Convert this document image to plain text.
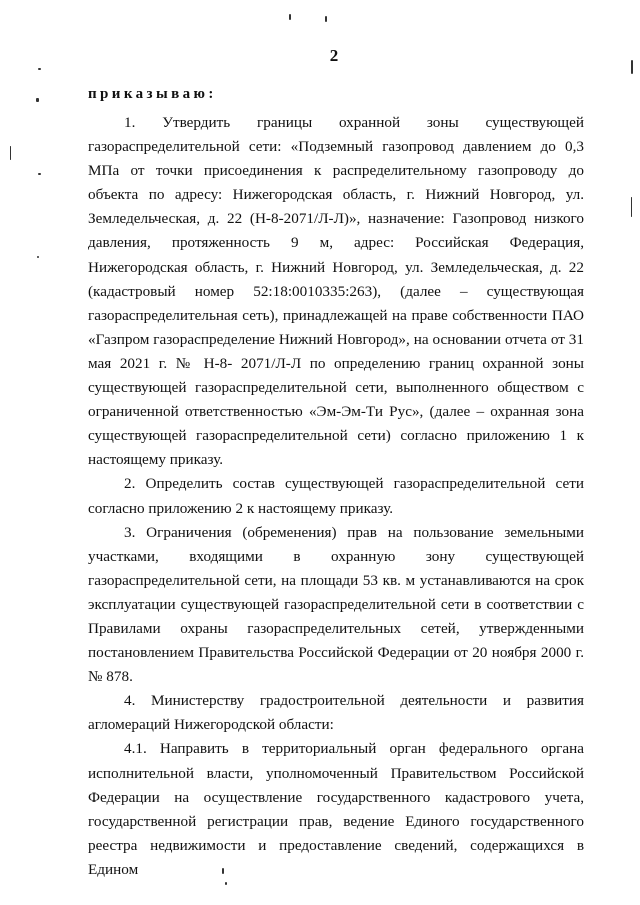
2
приказываю:

1. Утвердить границы охранной зоны существующей газораспределительной сети: «Подземный газопровод давлением до 0,3 МПа от точки присоединения к распределительному газопроводу до объекта по адресу: Нижегородская область, г. Нижний Новгород, ул. Земледельческая, д. 22 (Н-8-2071/Л-Л)», назначение: Газопровод низкого давления, протяженность 9 м, адрес: Российская Федерация, Нижегородская область, г. Нижний Новгород, ул. Земледельческая, д. 22 (кадастровый номер 52:18:0010335:263), (далее – существующая газораспределительная сеть), принадлежащей на праве собственности ПАО «Газпром газораспределение Нижний Новгород», на основании отчета от 31 мая 2021 г. № Н-8- 2071/Л-Л по определению границ охранной зоны существующей газораспределительной сети, выполненного обществом с ограниченной ответственностью «Эм-Эм-Ти Рус», (далее – охранная зона существующей газораспределительной сети) согласно приложению 1 к настоящему приказу.

2. Определить состав существующей газораспределительной сети согласно приложению 2 к настоящему приказу.

3. Ограничения (обременения) прав на пользование земельными участками, входящими в охранную зону существующей газораспределительной сети, на площади 53 кв. м устанавливаются на срок эксплуатации существующей газораспределительной сети в соответствии с Правилами охраны газораспределительных сетей, утвержденными постановлением Правительства Российской Федерации от 20 ноября 2000 г. № 878.

4. Министерству градостроительной деятельности и развития агломераций Нижегородской области:

4.1. Направить в территориальный орган федерального органа исполнительной власти, уполномоченный Правительством Российской Федерации на осуществление государственного кадастрового учета, государственной регистрации прав, ведение Единого государственного реестра недвижимости и предоставление сведений, содержащихся в Едином
